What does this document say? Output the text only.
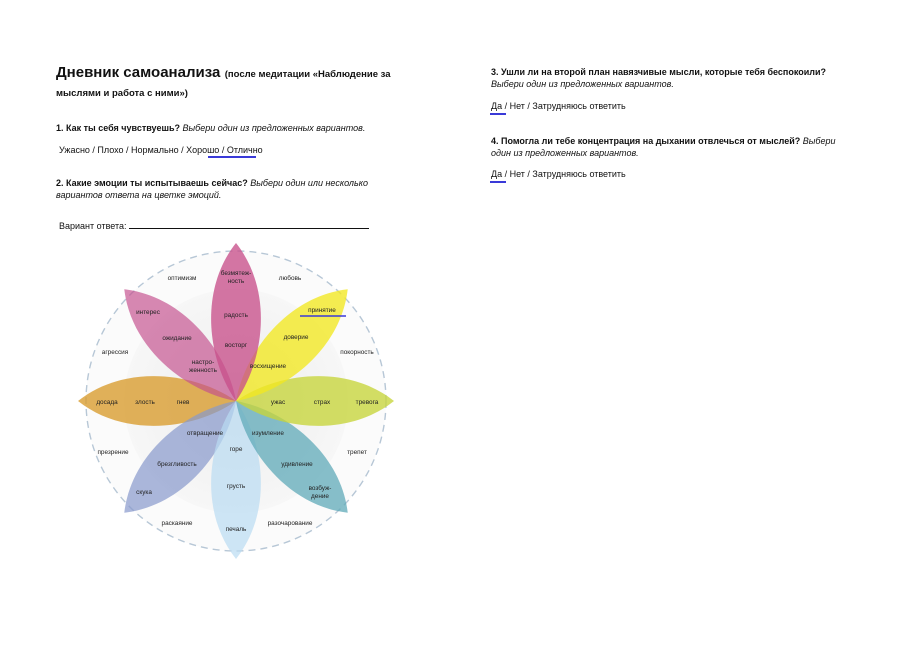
Дневник самоанализа (после медитации «Наблюдение за мыслями и работа с ними»)
1. Как ты себя чувствуешь? Выбери один из предложенных вариантов.
Ужасно / Плохо / Нормально / Хорошо / Отлично
2. Какие эмоции ты испытываешь сейчас? Выбери один или несколько вариантов ответа на цветке эмоций.
Вариант ответа:
3. Ушли ли на второй план навязчивые мысли, которые тебя беспокоили?
Выбери один из предложенных вариантов.
Да / Нет / Затрудняюсь ответить
4. Помогла ли тебе концентрация на дыхании отвлечься от мыслей? Выбери один из предложенных вариантов.
Да / Нет / Затрудняюсь ответить
оптимизм	любовь
покорность
трепет
разочарование
раскаяние
презрение
агрессия
безмятеж-
ность
радость
восторг
принятие
доверие
восхищение
тревога
страх
ужас
возбуж-
дение
удивление
изумление
печаль
грусть
горе
скука
брезгливость
отвращение
досада	злость	гнев
интерес
ожидание
настро-
женность
